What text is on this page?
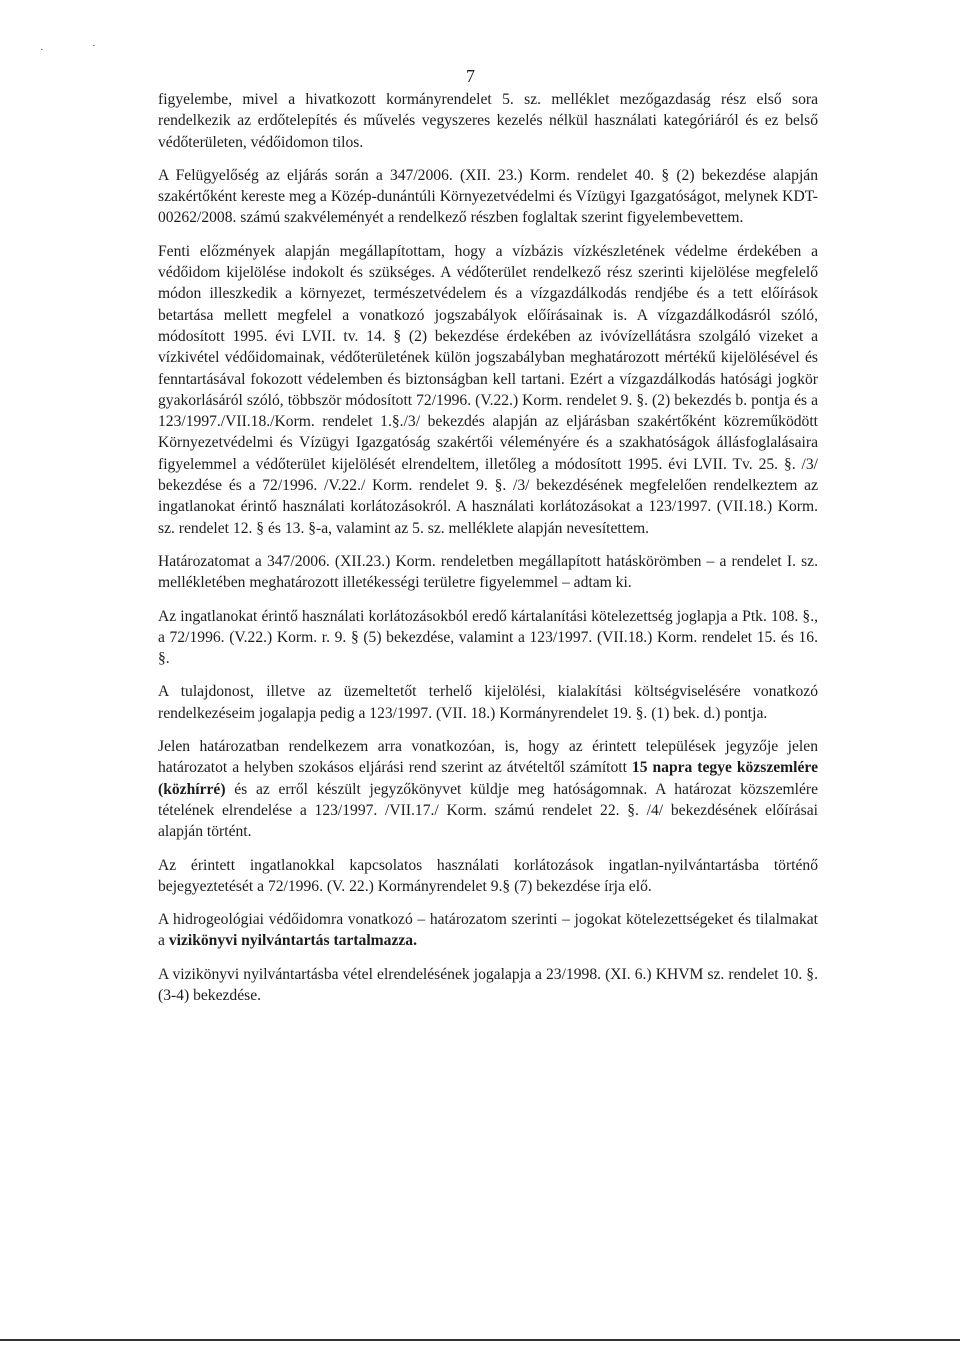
·	·
7

figyelembe, mivel a hivatkozott kormányrendelet 5. sz. melléklet mezőgazdaság rész első sora rendelkezik az erdőtelepítés és művelés vegyszeres kezelés nélkül használati kategóriáról és ez belső védőterületen, védőidomon tilos.

A Felügyelőség az eljárás során a 347/2006. (XII. 23.) Korm. rendelet 40. § (2) bekezdése alapján szakértőként kereste meg a Közép-dunántúli Környezetvédelmi és Vízügyi Igazgatóságot, melynek KDT-00262/2008. számú szakvéleményét a rendelkező részben foglaltak szerint figyelembevettem.

Fenti előzmények alapján megállapítottam, hogy a vízbázis vízkészletének védelme érdekében a védőidom kijelölése indokolt és szükséges. A védőterület rendelkező rész szerinti kijelölése megfelelő módon illeszkedik a környezet, természetvédelem és a vízgazdálkodás rendjébe és a tett előírások betartása mellett megfelel a vonatkozó jogszabályok előírásainak is. A vízgazdálkodásról szóló, módosított 1995. évi LVII. tv. 14. § (2) bekezdése érdekében az ivóvízellátásra szolgáló vizeket a vízkivétel védőidomainak, védőterületének külön jogszabályban meghatározott mértékű kijelölésével és fenntartásával fokozott védelemben és biztonságban kell tartani. Ezért a vízgazdálkodás hatósági jogkör gyakorlásáról szóló, többször módosított 72/1996. (V.22.) Korm. rendelet 9. §. (2) bekezdés b. pontja és a 123/1997./VII.18./Korm. rendelet 1.§./3/ bekezdés alapján az eljárásban szakértőként közreműködött Környezetvédelmi és Vízügyi Igazgatóság szakértői véleményére és a szakhatóságok állásfoglalásaira figyelemmel a védőterület kijelölését elrendeltem, illetőleg a módosított 1995. évi LVII. Tv. 25. §. /3/ bekezdése és a 72/1996. /V.22./ Korm. rendelet 9. §. /3/ bekezdésének megfelelően rendelkeztem az ingatlanokat érintő használati korlátozásokról. A használati korlátozásokat a 123/1997. (VII.18.) Korm. sz. rendelet 12. § és 13. §-a, valamint az 5. sz. melléklete alapján nevesítettem.

Határozatomat a 347/2006. (XII.23.) Korm. rendeletben megállapított hatáskörömben – a rendelet I. sz. mellékletében meghatározott illetékességi területre figyelemmel – adtam ki.

Az ingatlanokat érintő használati korlátozásokból eredő kártalanítási kötelezettség joglapja a Ptk. 108. §., a 72/1996. (V.22.) Korm. r. 9. § (5) bekezdése, valamint a 123/1997. (VII.18.) Korm. rendelet 15. és 16. §.

A tulajdonost, illetve az üzemeltetőt terhelő kijelölési, kialakítási költségviselésére vonatkozó rendelkezéseim jogalapja pedig a 123/1997. (VII. 18.) Kormányrendelet 19. §. (1) bek. d.) pontja.

Jelen határozatban rendelkezem arra vonatkozóan, is, hogy az érintett települések jegyzője jelen határozatot a helyben szokásos eljárási rend szerint az átvételtől számított 15 napra tegye közszemlére (közhírré) és az erről készült jegyzőkönyvet küldje meg hatóságomnak. A határozat közszemlére tételének elrendelése a 123/1997. /VII.17./ Korm. számú rendelet 22. §. /4/ bekezdésének előírásai alapján történt.

Az érintett ingatlanokkal kapcsolatos használati korlátozások ingatlan-nyilvántartásba történő bejegyeztetését a 72/1996. (V. 22.) Kormányrendelet 9.§ (7) bekezdése írja elő.

A hidrogeológiai védőidomra vonatkozó – határozatom szerinti – jogokat kötelezettségeket és tilalmakat a vizikönyvi nyilvántartás tartalmazza.

A vizikönyvi nyilvántartásba vétel elrendelésének jogalapja a 23/1998. (XI. 6.) KHVM sz. rendelet 10. §. (3-4) bekezdése.
